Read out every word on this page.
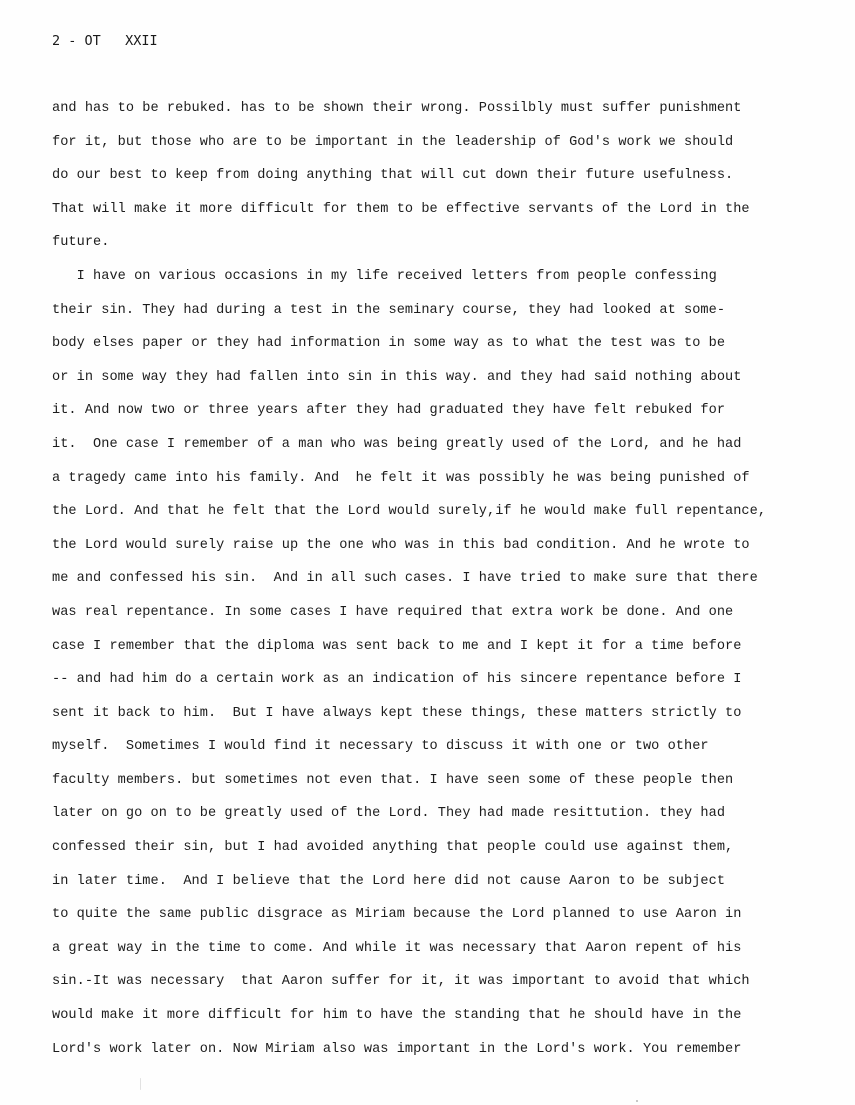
2 - OT   XXII
and has to be rebuked. has to be shown their wrong. Possilbly must suffer punishment
for it, but those who are to be important in the leadership of God's work we should
do our best to keep from doing anything that will cut down their future usefulness.
That will make it more difficult for them to be effective servants of the Lord in the
future.
I have on various occasions in my life received letters from people confessing
their sin. They had during a test in the seminary course, they had looked at some-
body elses paper or they had information in some way as to what the test was to be
or in some way they had fallen into sin in this way. and they had said nothing about
it. And now two or three years after they had graduated they have felt rebuked for
it.  One case I remember of a man who was being greatly used of the Lord, and he had
a tragedy came into his family. And  he felt it was possibly he was being punished of
the Lord. And that he felt that the Lord would surely,if he would make full repentance,
the Lord would surely raise up the one who was in this bad condition. And he wrote to
me and confessed his sin.  And in all such cases. I have tried to make sure that there
was real repentance. In some cases I have required that extra work be done. And one
case I remember that the diploma was sent back to me and I kept it for a time before
-- and had him do a certain work as an indication of his sincere repentance before I
sent it back to him.  But I have always kept these things, these matters strictly to
myself.  Sometimes I would find it necessary to discuss it with one or two other
faculty members. but sometimes not even that. I have seen some of these people then
later on go on to be greatly used of the Lord. They had made resittution. they had
confessed their sin, but I had avoided anything that people could use against them,
in later time.  And I believe that the Lord here did not cause Aaron to be subject
to quite the same public disgrace as Miriam because the Lord planned to use Aaron in
a great way in the time to come. And while it was necessary that Aaron repent of his
sin.-It was necessary  that Aaron suffer for it, it was important to avoid that which
would make it more difficult for him to have the standing that he should have in the
Lord's work later on. Now Miriam also was important in the Lord's work. You remember
